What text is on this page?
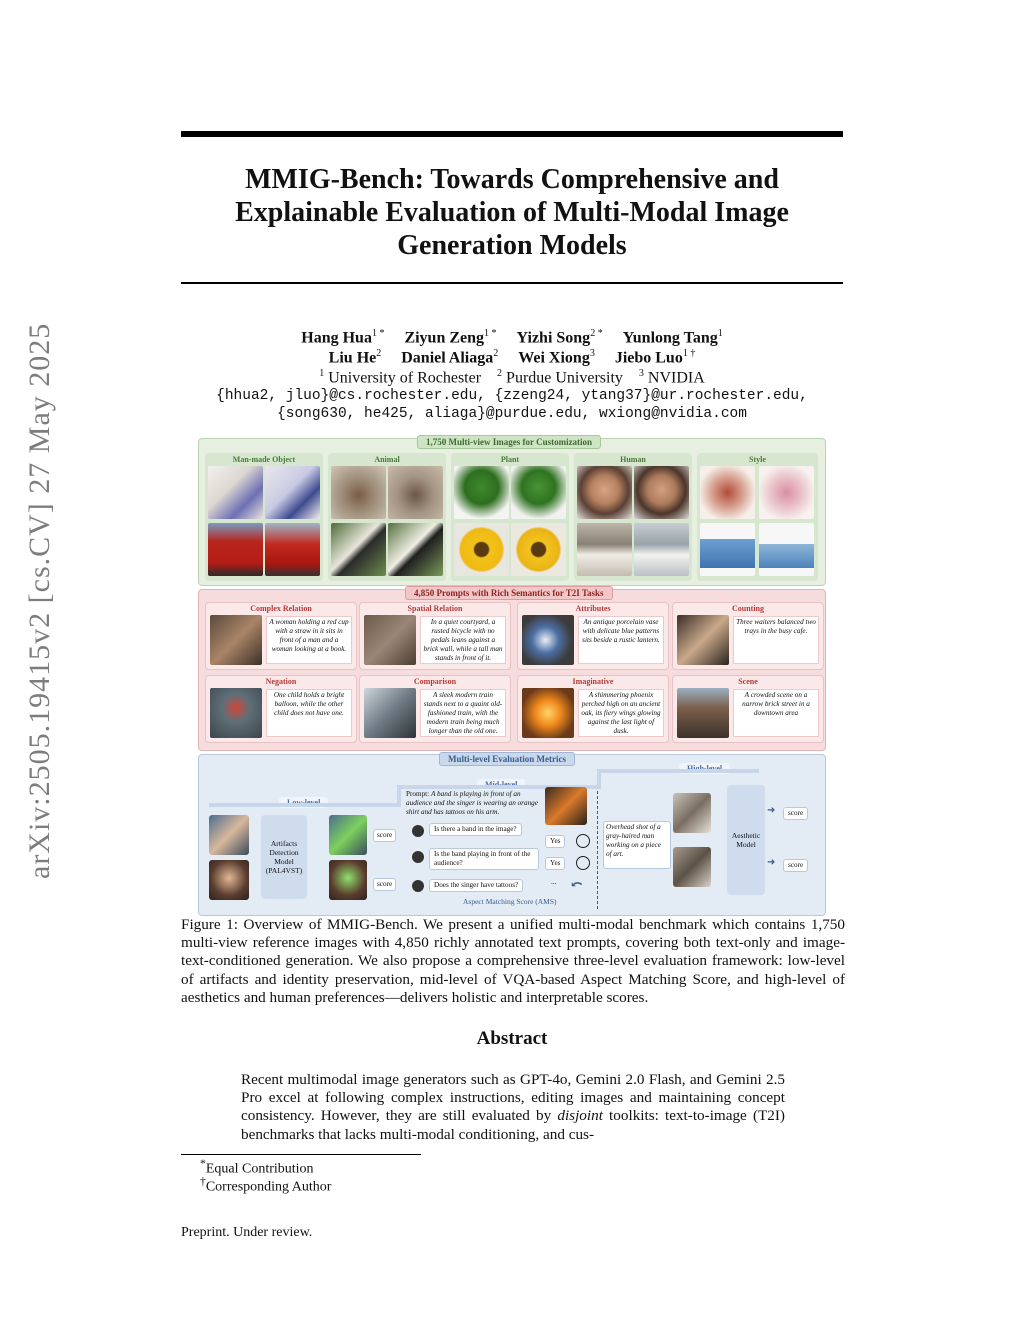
arXiv:2505.19415v2 [cs.CV] 27 May 2025
MMIG-Bench: Towards Comprehensive and
Explainable Evaluation of Multi-Modal Image
Generation Models
Hang Hua$^{1 *}$ Ziyun Zeng$^{1 *}$ Yizhi Song$^{2 *}$ Yunlong Tang$^1$
Liu He$^2$ Daniel Aliaga$^2$ Wei Xiong$^3$ Jiebo Luo$^{1 \dagger}$
$^1$ University of Rochester $^2$ Purdue University $^3$ NVIDIA
{hhua2, jluo}@cs.rochester.edu, {zzeng24, ytang37}@ur.rochester.edu,
{song630, he425, aliaga}@purdue.edu, wxiong@nvidia.com
1,750 Multi-view Images for Customization
Man-made Object	Animal	Plant	Human	Style
4,850 Prompts with Rich Semantics for T2I Tasks
Complex Relation
A woman holding a red cup with a straw in it sits in front of a man and a woman looking at a book.
Spatial Relation
In a quiet courtyard, a rusted bicycle with no pedals leans against a brick wall, while a tall man stands in front of it.
Attributes
An antique porcelain vase with delicate blue patterns sits beside a rustic lantern.
Counting
Three waiters balanced two trays in the busy cafe.
Negation
One child holds a bright balloon, while the other child does not have one.
Comparison
A sleek modern train stands next to a quaint old-fashioned train, with the modern train being much longer than the old one.
Imaginative
A shimmering phoenix perched high on an ancient oak, its fiery wings glowing against the last light of dusk.
Scene
A crowded scene on a narrow brick street in a downtown area
Multi-level Evaluation Metrics
Low-level
Mid-level
High-level
Artifacts Detection Model (PAL4VST)
score
score
Prompt: A band is playing in front of an audience and the singer is wearing an orange shirt and has tattoos on his arm.
Is there a band in the image?
Is the band playing in front of the audience?
Does the singer have tattoos?
Yes
Yes
... ⤺
Aspect Matching Score (AMS)
Overhead shot of a gray-haired man working on a piece of art.
Aesthetic Model
➜
➜
score
score
Figure 1: Overview of MMIG-Bench. We present a unified multi-modal benchmark which contains 1,750 multi-view reference images with 4,850 richly annotated text prompts, covering both text-only and image-text-conditioned generation. We also propose a comprehensive three-level evaluation framework: low-level of artifacts and identity preservation, mid-level of VQA-based Aspect Matching Score, and high-level of aesthetics and human preferences—delivers holistic and interpretable scores.
Abstract
Recent multimodal image generators such as GPT-4o, Gemini 2.0 Flash, and Gemini 2.5 Pro excel at following complex instructions, editing images and maintaining concept consistency. However, they are still evaluated by disjoint toolkits: text-to-image (T2I) benchmarks that lacks multi-modal conditioning, and cus-
*Equal Contribution
†Corresponding Author
Preprint. Under review.
